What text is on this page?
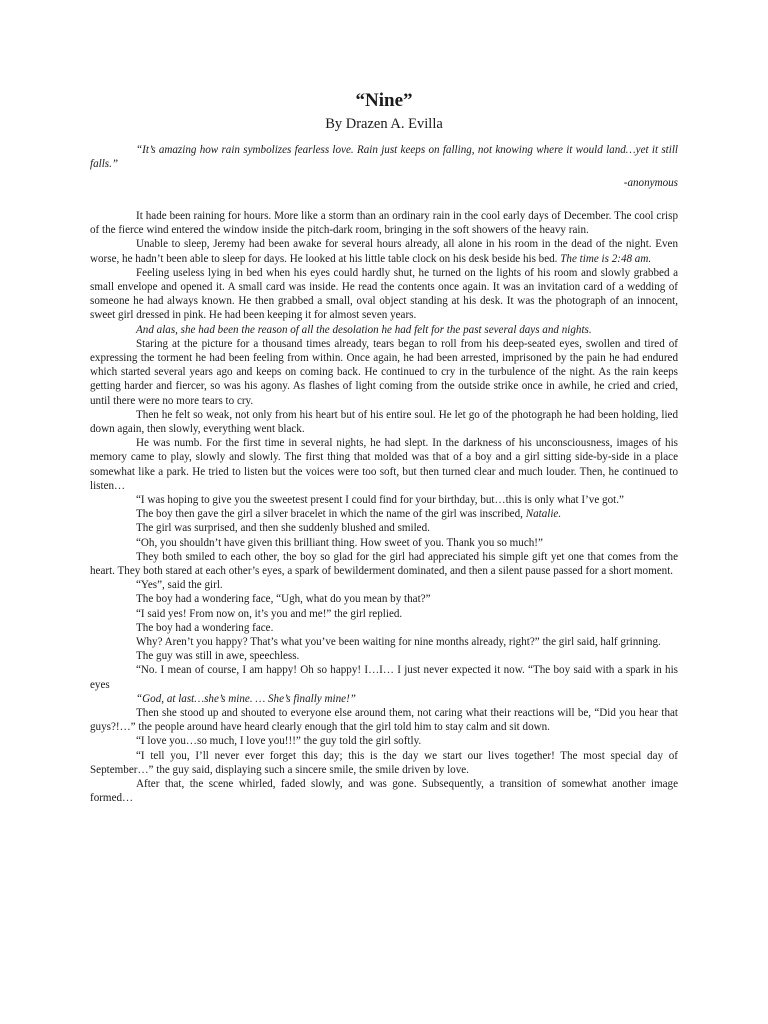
“Nine”
By Drazen A. Evilla

“It’s amazing how rain symbolizes fearless love. Rain just keeps on falling, not knowing where it would land…yet it still falls.”

-anonymous

It hade been raining for hours. More like a storm than an ordinary rain in the cool early days of December. The cool crisp of the fierce wind entered the window inside the pitch-dark room, bringing in the soft showers of the heavy rain.

Unable to sleep, Jeremy had been awake for several hours already, all alone in his room in the dead of the night. Even worse, he hadn’t been able to sleep for days. He looked at his little table clock on his desk beside his bed. The time is 2:48 am.

Feeling useless lying in bed when his eyes could hardly shut, he turned on the lights of his room and slowly grabbed a small envelope and opened it. A small card was inside. He read the contents once again. It was an invitation card of a wedding of someone he had always known. He then grabbed a small, oval object standing at his desk. It was the photograph of an innocent, sweet girl dressed in pink. He had been keeping it for almost seven years.

And alas, she had been the reason of all the desolation he had felt for the past several days and nights.

Staring at the picture for a thousand times already, tears began to roll from his deep-seated eyes, swollen and tired of expressing the torment he had been feeling from within. Once again, he had been arrested, imprisoned by the pain he had endured which started several years ago and keeps on coming back. He continued to cry in the turbulence of the night. As the rain keeps getting harder and fiercer, so was his agony. As flashes of light coming from the outside strike once in awhile, he cried and cried, until there were no more tears to cry.

Then he felt so weak, not only from his heart but of his entire soul. He let go of the photograph he had been holding, lied down again, then slowly, everything went black.

He was numb. For the first time in several nights, he had slept. In the darkness of his unconsciousness, images of his memory came to play, slowly and slowly. The first thing that molded was that of a boy and a girl sitting side-by-side in a place somewhat like a park. He tried to listen but the voices were too soft, but then turned clear and much louder. Then, he continued to listen…

“I was hoping to give you the sweetest present I could find for your birthday, but…this is only what I’ve got.”

The boy then gave the girl a silver bracelet in which the name of the girl was inscribed, Natalie.

The girl was surprised, and then she suddenly blushed and smiled.

“Oh, you shouldn’t have given this brilliant thing. How sweet of you. Thank you so much!”

They both smiled to each other, the boy so glad for the girl had appreciated his simple gift yet one that comes from the heart. They both stared at each other’s eyes, a spark of bewilderment dominated, and then a silent pause passed for a short moment.

“Yes”, said the girl.

The boy had a wondering face, “Ugh, what do you mean by that?”

“I said yes! From now on, it’s you and me!” the girl replied.

The boy had a wondering face.

Why? Aren’t you happy? That’s what you’ve been waiting for nine months already, right?” the girl said, half grinning.

The guy was still in awe, speechless.

“No. I mean of course, I am happy! Oh so happy! I…I… I just never expected it now. “The boy said with a spark in his eyes

“God, at last…she’s mine. … She’s finally mine!”

Then she stood up and shouted to everyone else around them, not caring what their reactions will be, “Did you hear that guys?!…” the people around have heard clearly enough that the girl told him to stay calm and sit down.

“I love you…so much, I love you!!!” the guy told the girl softly.

“I tell you, I’ll never ever forget this day; this is the day we start our lives together! The most special day of September…” the guy said, displaying such a sincere smile, the smile driven by love.

After that, the scene whirled, faded slowly, and was gone. Subsequently, a transition of somewhat another image formed…
